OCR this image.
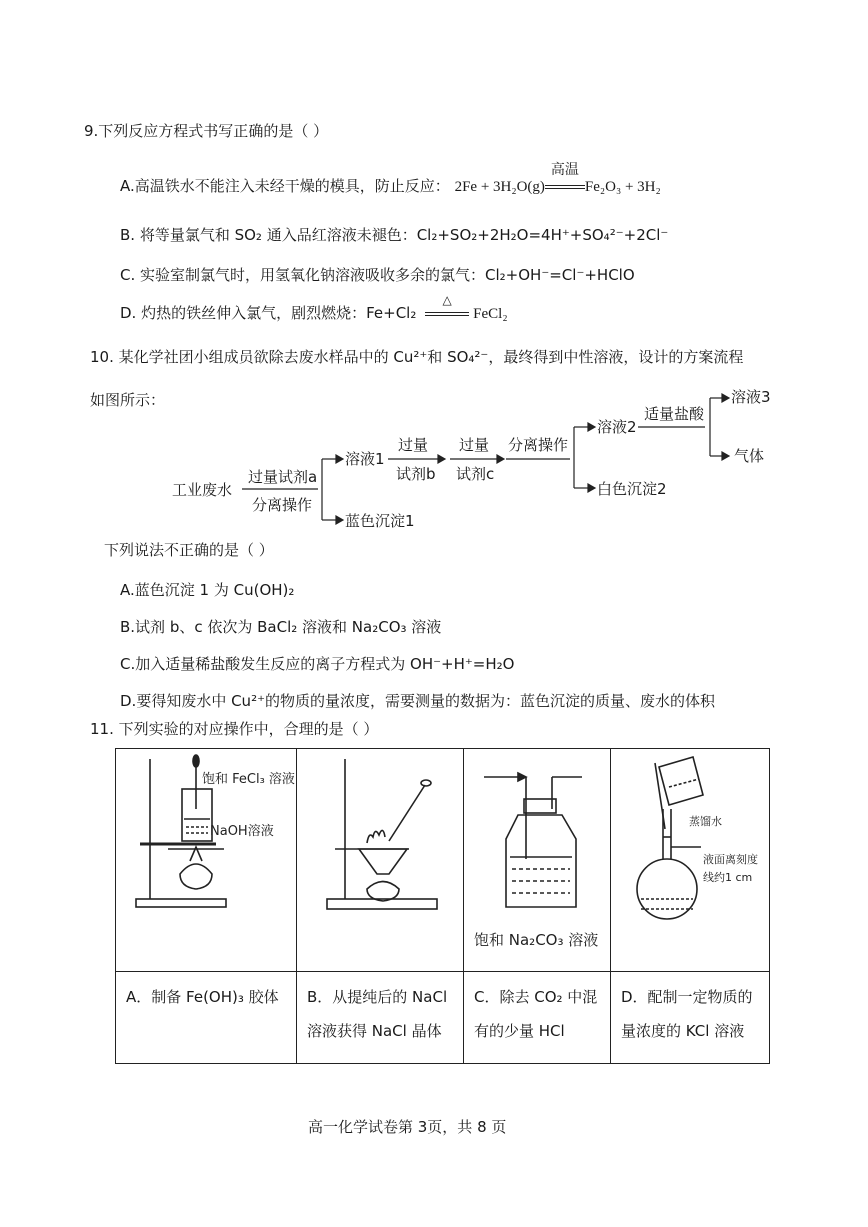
9.下列反应方程式书写正确的是（ ）
A.高温铁水不能注入未经干燥的模具，防止反应： 2Fe + 3H₂O(g)
高温
Fe₂O₃ + 3H₂
B. 将等量氯气和 SO₂ 通入品红溶液未褪色：Cl₂+SO₂+2H₂O=4H⁺+SO₄²⁻+2Cl⁻
C. 实验室制氯气时，用氢氧化钠溶液吸收多余的氯气：Cl₂+OH⁻=Cl⁻+HClO
D. 灼热的铁丝伸入氯气，剧烈燃烧：Fe+Cl₂
△
FeCl₂
10. 某化学社团小组成员欲除去废水样品中的 Cu²⁺和 SO₄²⁻，最终得到中性溶液，设计的方案流程
如图所示：
工业废水
过量试剂a
分离操作
溶液1
蓝色沉淀1
过量
试剂b
过量
试剂c
分离操作
溶液2
白色沉淀2
适量盐酸
溶液3
气体
下列说法不正确的是（ ）
A.蓝色沉淀 1 为 Cu(OH)₂
B.试剂 b、c 依次为 BaCl₂ 溶液和 Na₂CO₃ 溶液
C.加入适量稀盐酸发生反应的离子方程式为 OH⁻+H⁺=H₂O
D.要得知废水中 Cu²⁺的物质的量浓度，需要测量的数据为：蓝色沉淀的质量、废水的体积
11. 下列实验的对应操作中，合理的是（ ）
饱和 FeCl₃ 溶液
NaOH溶液		饱和 Na₂CO₃ 溶液	蒸馏水
液面离刻度
线约1 cm

A．制备 Fe(OH)₃ 胶体	B．从提纯后的 NaCl 溶液获得 NaCl 晶体	C．除去 CO₂ 中混有的少量 HCl	D．配制一定物质的量浓度的 KCl 溶液
高一化学试卷第 3页，共 8 页
